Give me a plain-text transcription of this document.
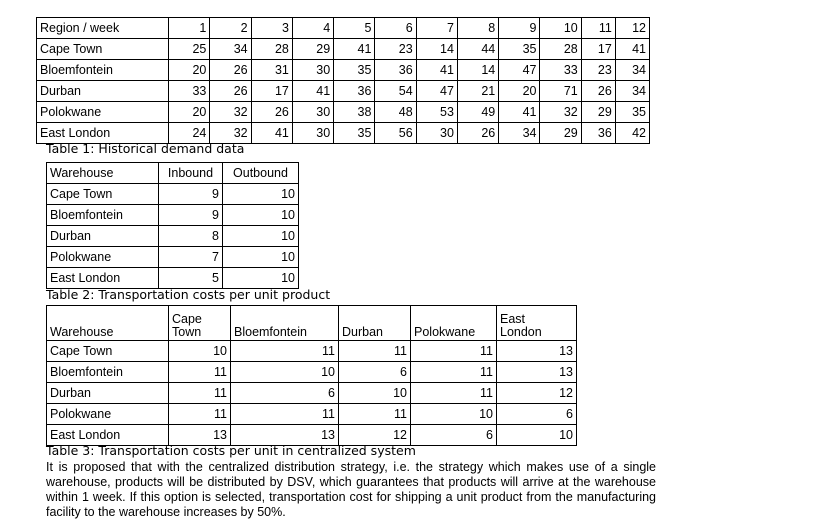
Region / week	1	2	3	4	5	6	7	8	9	10	11	12
Cape Town	25	34	28	29	41	23	14	44	35	28	17	41
Bloemfontein	20	26	31	30	35	36	41	14	47	33	23	34
Durban	33	26	17	41	36	54	47	21	20	71	26	34
Polokwane	20	32	26	30	38	48	53	49	41	32	29	35
East London	24	32	41	30	35	56	30	26	34	29	36	42
Table 1: Historical demand data
Warehouse	Inbound	Outbound
Cape Town	9	10
Bloemfontein	9	10
Durban	8	10
Polokwane	7	10
East London	5	10
Table 2: Transportation costs per unit product
Warehouse	Cape Town	Bloemfontein	Durban	Polokwane	East London
Cape Town	10	11	11	11	13
Bloemfontein	11	10	6	11	13
Durban	11	6	10	11	12
Polokwane	11	11	11	10	6
East London	13	13	12	6	10
Table 3: Transportation costs per unit in centralized system
It is proposed that with the centralized distribution strategy, i.e. the strategy which makes use of a single warehouse, products will be distributed by DSV, which guarantees that products will arrive at the warehouse within 1 week. If this option is selected, transportation cost for shipping a unit product from the manufacturing facility to the warehouse increases by 50%.
